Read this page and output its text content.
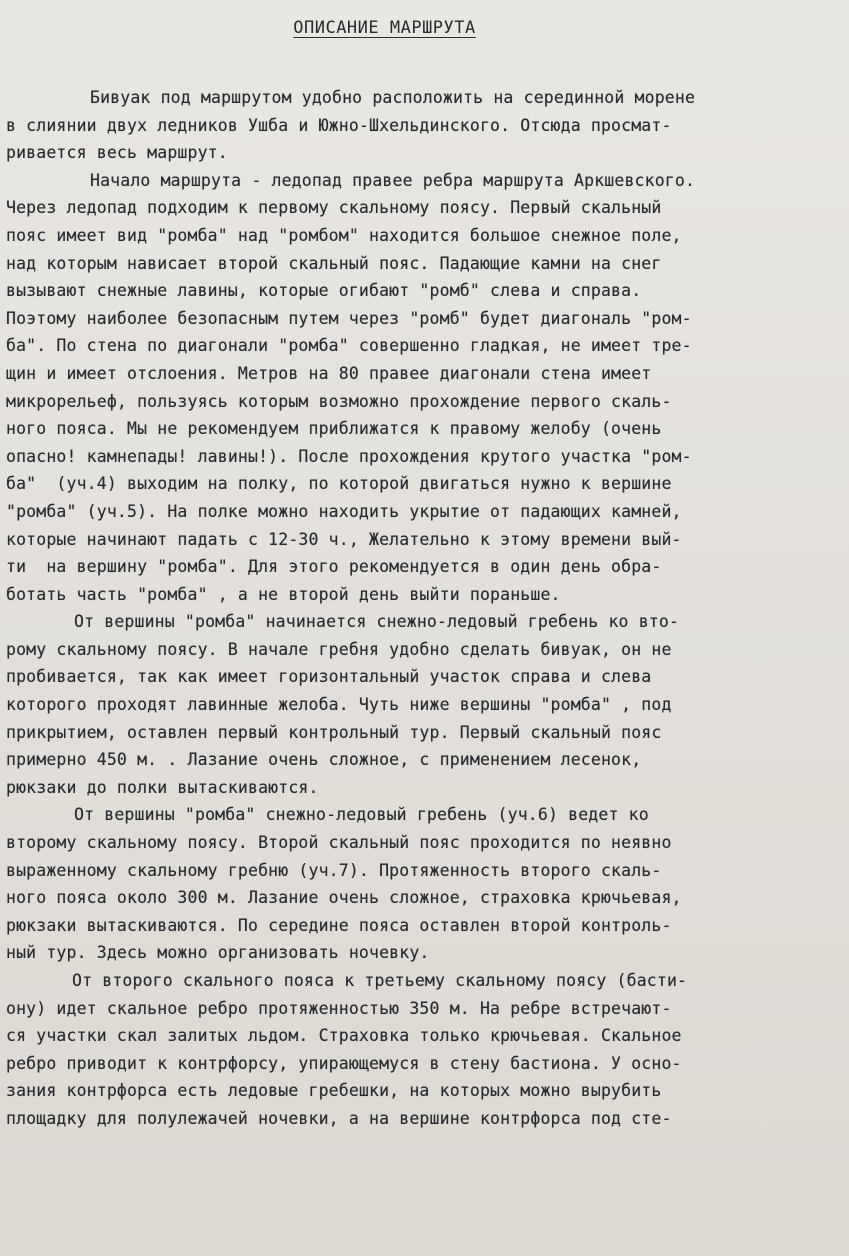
ОПИСАНИЕ МАРШРУТА
Бивуак под маршрутом удобно расположить на серединной морене
в слиянии двух ледников Ушба и Южно-Шхельдинского. Отсюда просмат-
ривается весь маршрут.
Начало маршрута - ледопад правее ребра маршрута Аркшевского.
Через ледопад подходим к первому скальному поясу. Первый скальный
пояс имеет вид "ромба" над "ромбом" находится большое снежное поле,
над которым нависает второй скальный пояс. Падающие камни на снег
вызывают снежные лавины, которые огибают "ромб" слева и справа.
Поэтому наиболее безопасным путем через "ромб" будет диагональ "ром-
ба". По стена по диагонали "ромба" совершенно гладкая, не имеет тре-
щин и имеет отслоения. Метров на 80 правее диагонали стена имеет
микрорельеф, пользуясь которым возможно прохождение первого скаль-
ного пояса. Мы не рекомендуем приближатся к правому желобу (очень
опасно! камнепады! лавины!). После прохождения крутого участка "ром-
ба"  (уч.4) выходим на полку, по которой двигаться нужно к вершине
"ромба" (уч.5). На полке можно находить укрытие от падающих камней,
которые начинают падать с 12-30 ч., Желательно к этому времени вый-
ти  на вершину "ромба". Для этого рекомендуется в один день обра-
ботать часть "ромба" , а не второй день выйти пораньше.
От вершины "ромба" начинается снежно-ледовый гребень ко вто-
рому скальному поясу. В начале гребня удобно сделать бивуак, он не
пробивается, так как имеет горизонтальный участок справа и слева
которого проходят лавинные желоба. Чуть ниже вершины "ромба" , под
прикрытием, оставлен первый контрольный тур. Первый скальный пояс
примерно 450 м. . Лазание очень сложное, с применением лесенок,
рюкзаки до полки вытаскиваются.
От вершины "ромба" снежно-ледовый гребень (уч.6) ведет ко
второму скальному поясу. Второй скальный пояс проходится по неявно
выраженному скальному гребню (уч.7). Протяженность второго скаль-
ного пояса около 300 м. Лазание очень сложное, страховка крючьевая,
рюкзаки вытаскиваются. По середине пояса оставлен второй контроль-
ный тур. Здесь можно организовать ночевку.
От второго скального пояса к третьему скальному поясу (басти-
ону) идет скальное ребро протяженностью 350 м. На ребре встречают-
ся участки скал залитых льдом. Страховка только крючьевая. Скальное
ребро приводит к контрфорсу, упирающемуся в стену бастиона. У осно-
зания контрфорса есть ледовые гребешки, на которых можно вырубить
площадку для полулежачей ночевки, а на вершине контрфорса под сте-
